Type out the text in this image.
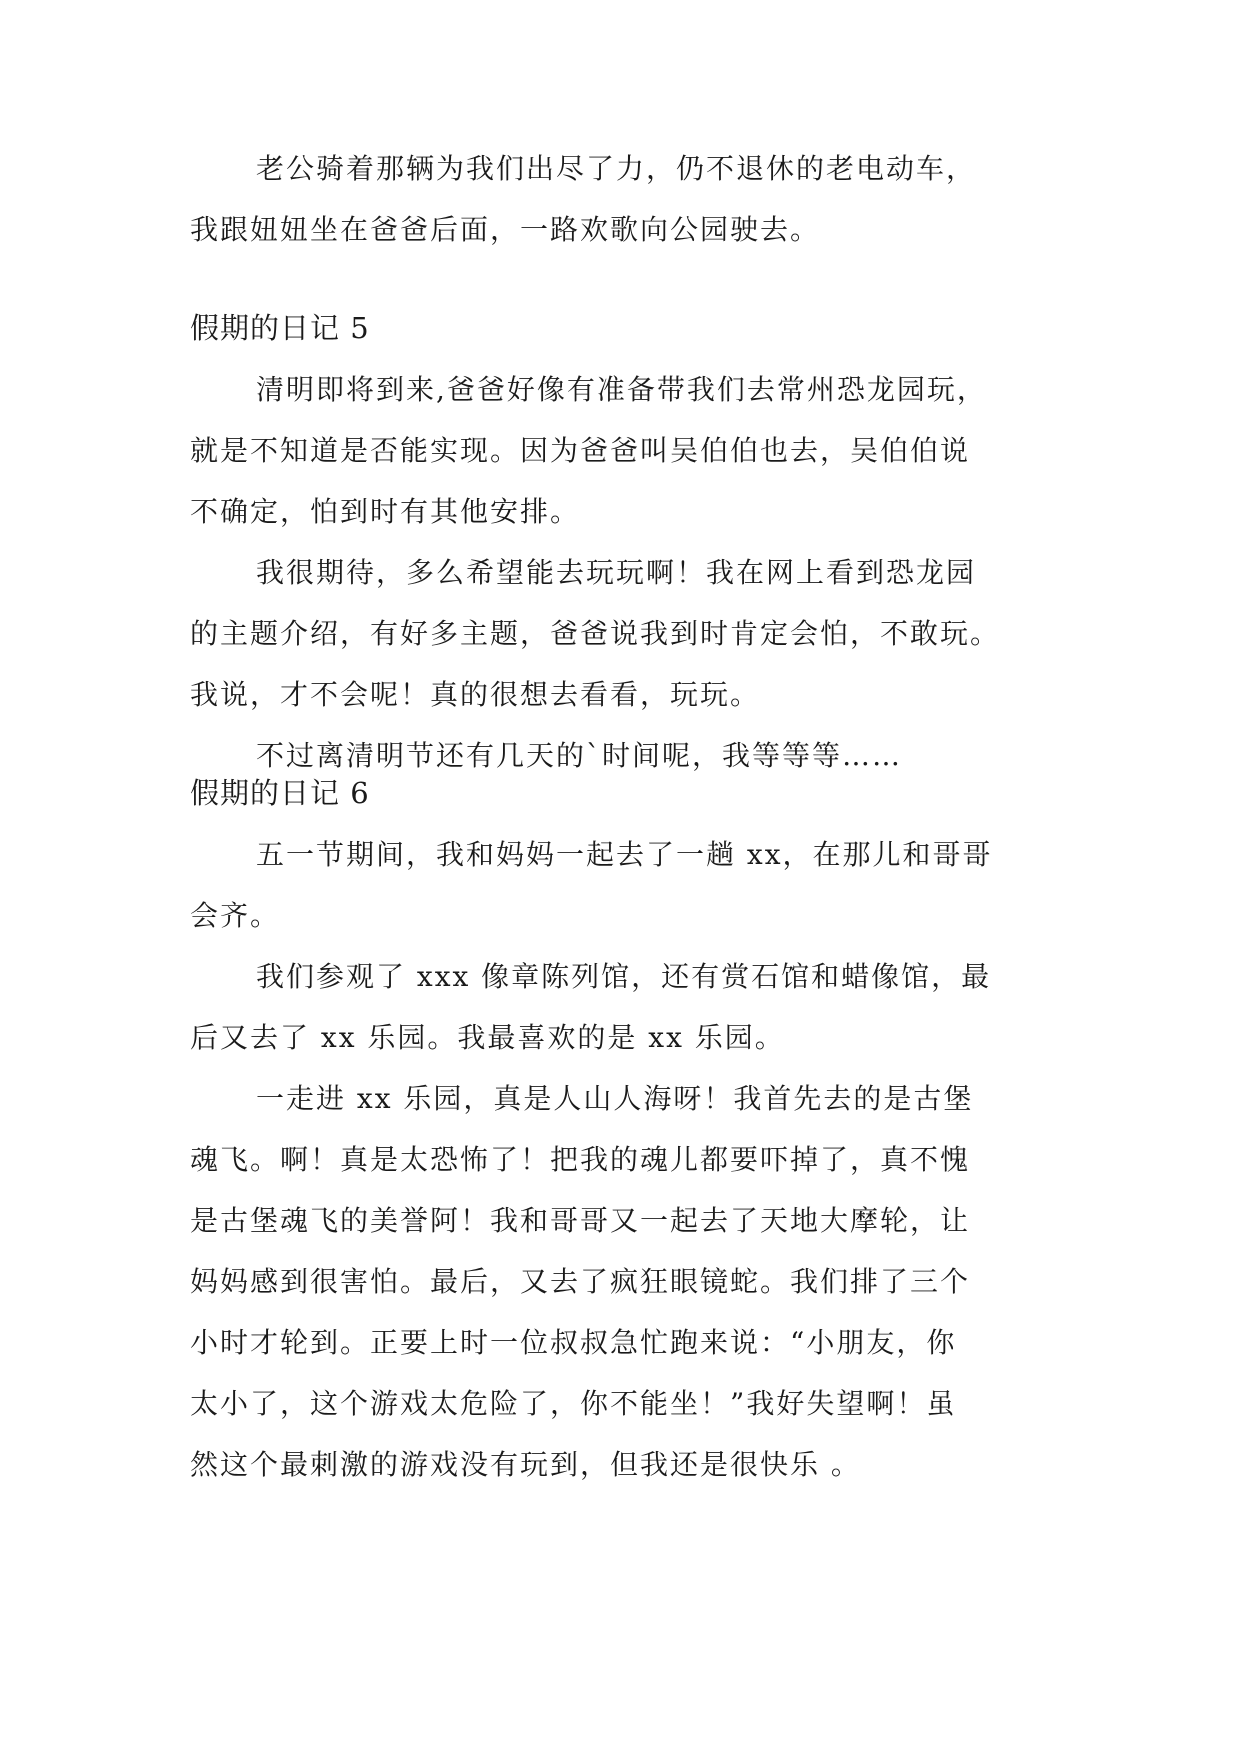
老公骑着那辆为我们出尽了力，仍不退休的老电动车，
我跟妞妞坐在爸爸后面，一路欢歌向公园驶去。
假期的日记 5
清明即将到来,爸爸好像有准备带我们去常州恐龙园玩，
就是不知道是否能实现。因为爸爸叫吴伯伯也去，吴伯伯说
不确定，怕到时有其他安排。
我很期待，多么希望能去玩玩啊！我在网上看到恐龙园
的主题介绍，有好多主题，爸爸说我到时肯定会怕，不敢玩。
我说，才不会呢！真的很想去看看，玩玩。
不过离清明节还有几天的`时间呢，我等等等……
假期的日记 6
五一节期间，我和妈妈一起去了一趟 xx，在那儿和哥哥
会齐。
我们参观了 xxx 像章陈列馆，还有赏石馆和蜡像馆，最
后又去了 xx 乐园。我最喜欢的是 xx 乐园。
一走进 xx 乐园，真是人山人海呀！我首先去的是古堡
魂飞。啊！真是太恐怖了！把我的魂儿都要吓掉了，真不愧
是古堡魂飞的美誉阿！我和哥哥又一起去了天地大摩轮，让
妈妈感到很害怕。最后，又去了疯狂眼镜蛇。我们排了三个
小时才轮到。正要上时一位叔叔急忙跑来说：“小朋友，你
太小了，这个游戏太危险了，你不能坐！”我好失望啊！虽
然这个最刺激的游戏没有玩到，但我还是很快乐 。
